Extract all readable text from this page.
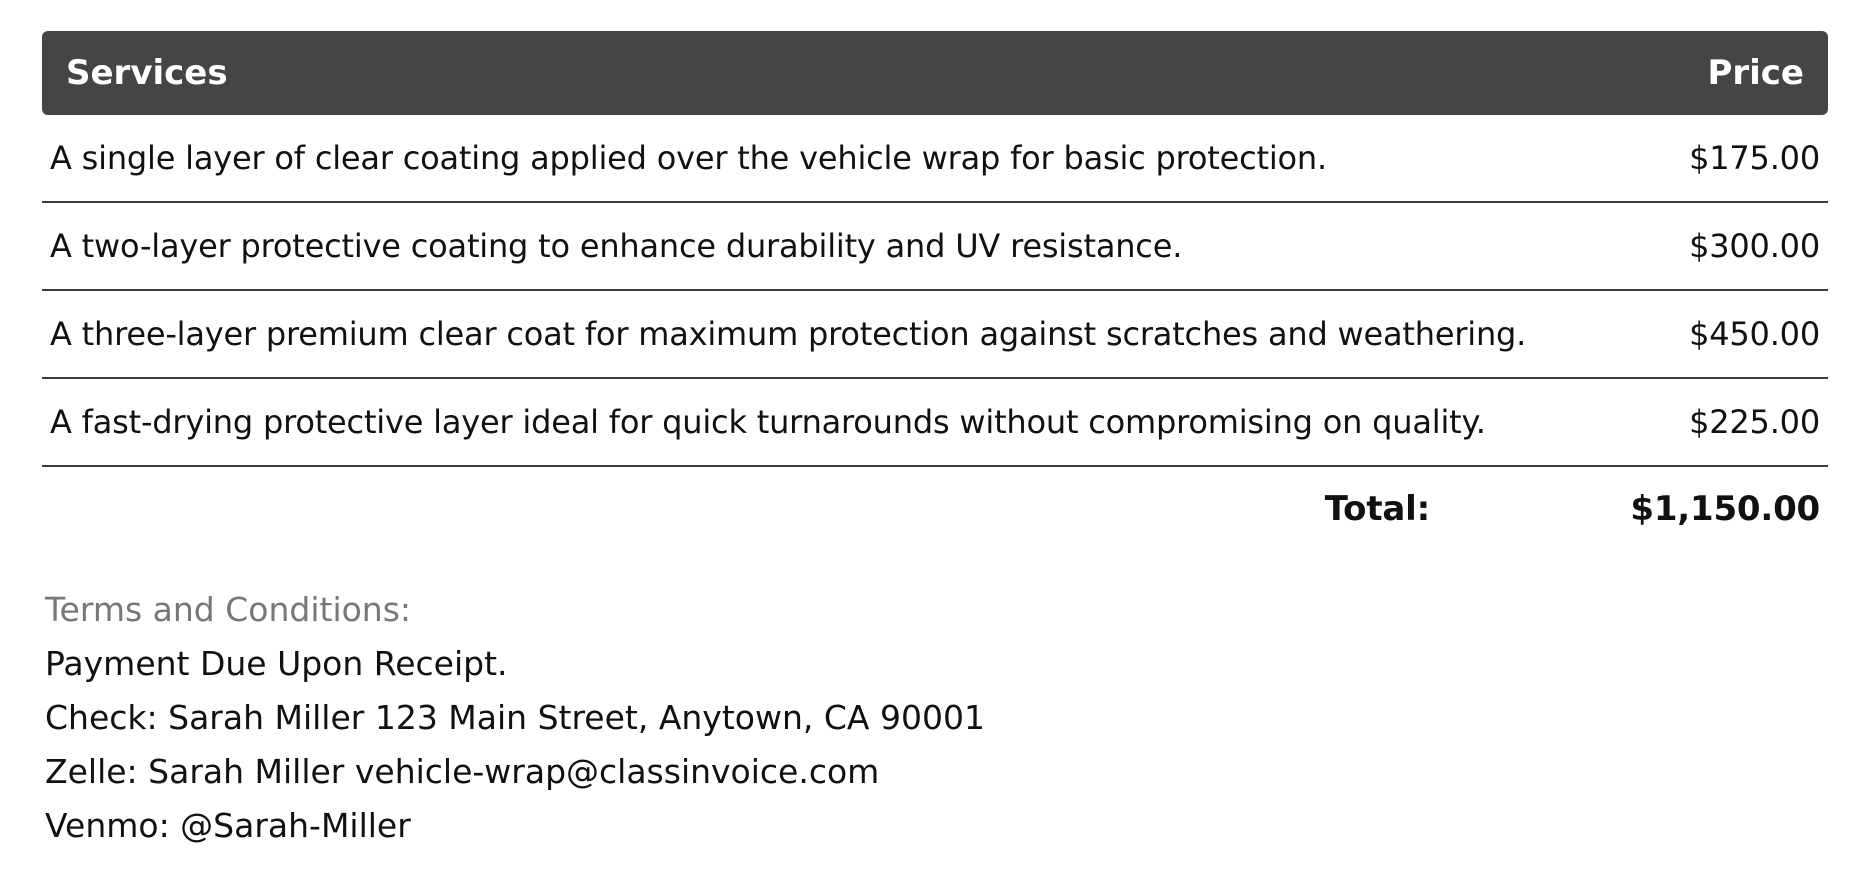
Services	Price
A single layer of clear coating applied over the vehicle wrap for basic protection.	$175.00
A two-layer protective coating to enhance durability and UV resistance.	$300.00
A three-layer premium clear coat for maximum protection against scratches and weathering.	$450.00
A fast-drying protective layer ideal for quick turnarounds without compromising on quality.	$225.00
Total:	$1,150.00
Terms and Conditions:
Payment Due Upon Receipt.
Check: Sarah Miller 123 Main Street, Anytown, CA 90001
Zelle: Sarah Miller vehicle-wrap@classinvoice.com
Venmo: @Sarah-Miller
